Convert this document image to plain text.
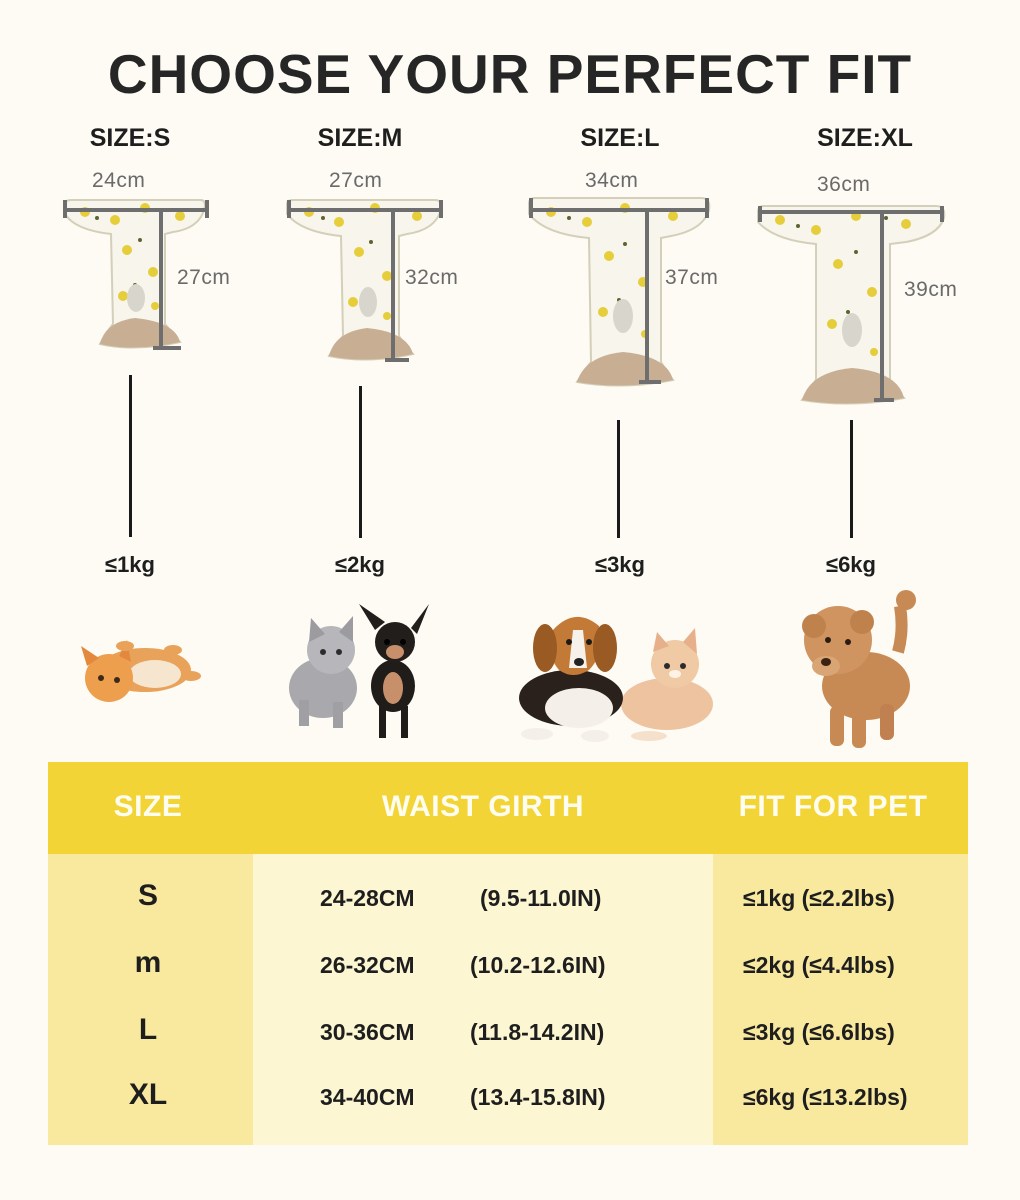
CHOOSE YOUR PERFECT FIT
SIZE:S
24cm
27cm
≤1kg
SIZE:M
27cm
32cm
≤2kg
SIZE:L
34cm
37cm
≤3kg
SIZE:XL
36cm
39cm
≤6kg
SIZE	WAIST GIRTH	FIT FOR PET
S	24-28CM	(9.5-11.0IN)	≤1kg (≤2.2lbs)
m	26-32CM (10.2-12.6IN)	≤2kg (≤4.4lbs)
L	30-36CM (11.8-14.2IN)	≤3kg (≤6.6lbs)
XL	34-40CM (13.4-15.8IN)	≤6kg (≤13.2lbs)
